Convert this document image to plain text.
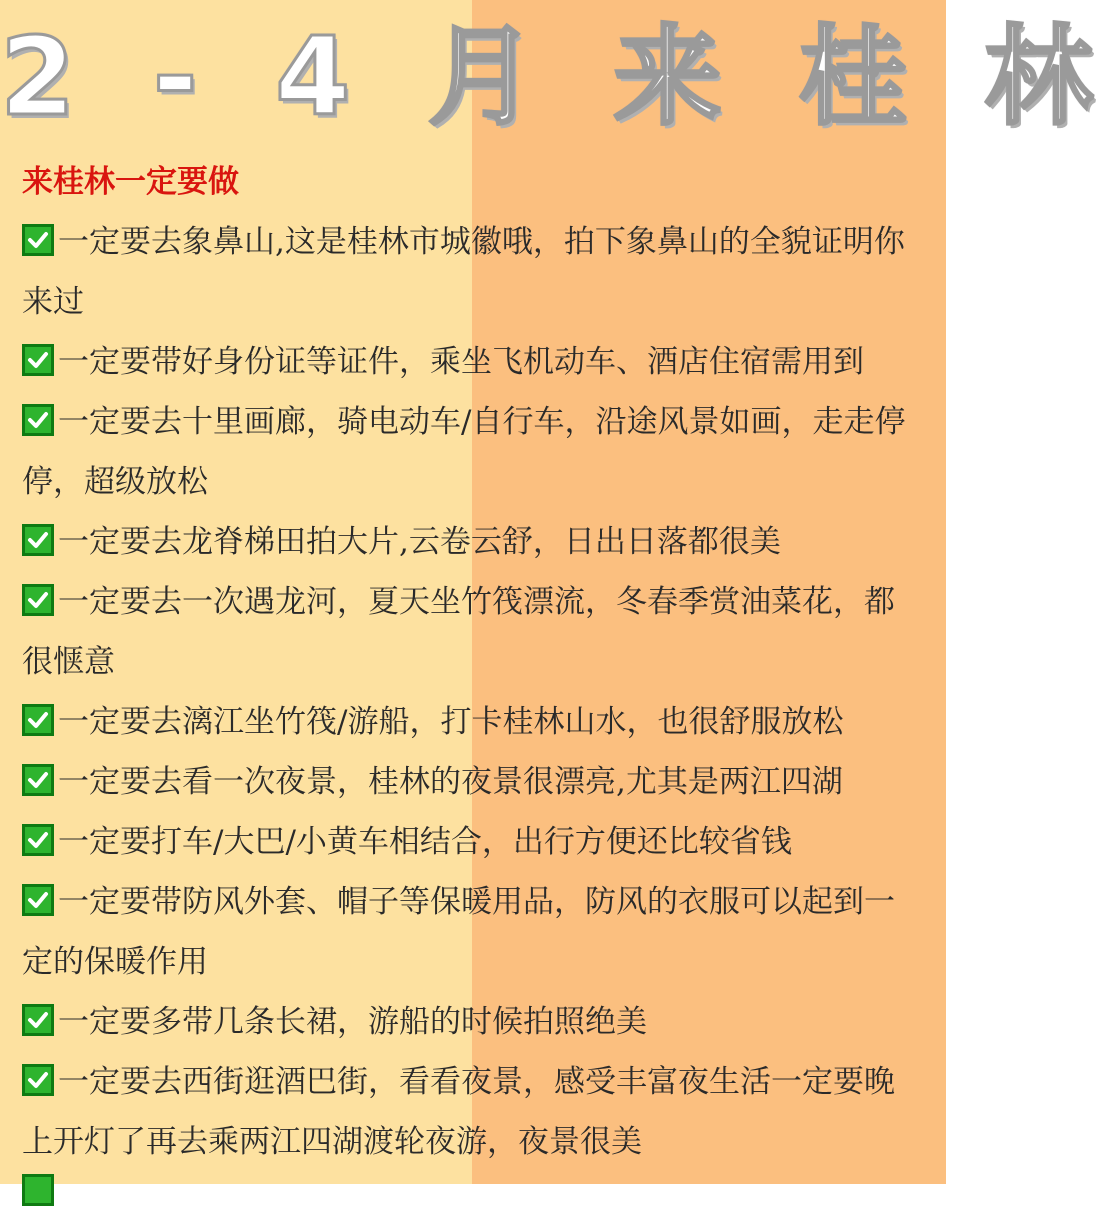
2 - 4 月 来 桂 林
来桂林一定要做
一定要去象鼻山,这是桂林市城徽哦，拍下象鼻山的全貌证明你
来过
一定要带好身份证等证件，乘坐飞机动车、酒店住宿需用到
一定要去十里画廊，骑电动车/自行车，沿途风景如画，走走停
停，超级放松
一定要去龙脊梯田拍大片,云卷云舒，日出日落都很美
一定要去一次遇龙河，夏天坐竹筏漂流，冬春季赏油菜花，都
很惬意
一定要去漓江坐竹筏/游船，打卡桂林山水，也很舒服放松
一定要去看一次夜景，桂林的夜景很漂亮,尤其是两江四湖
一定要打车/大巴/小黄车相结合，出行方便还比较省钱
一定要带防风外套、帽子等保暖用品，防风的衣服可以起到一
定的保暖作用
一定要多带几条长裙，游船的时候拍照绝美
一定要去西街逛酒巴街，看看夜景，感受丰富夜生活一定要晚
上开灯了再去乘两江四湖渡轮夜游，夜景很美
